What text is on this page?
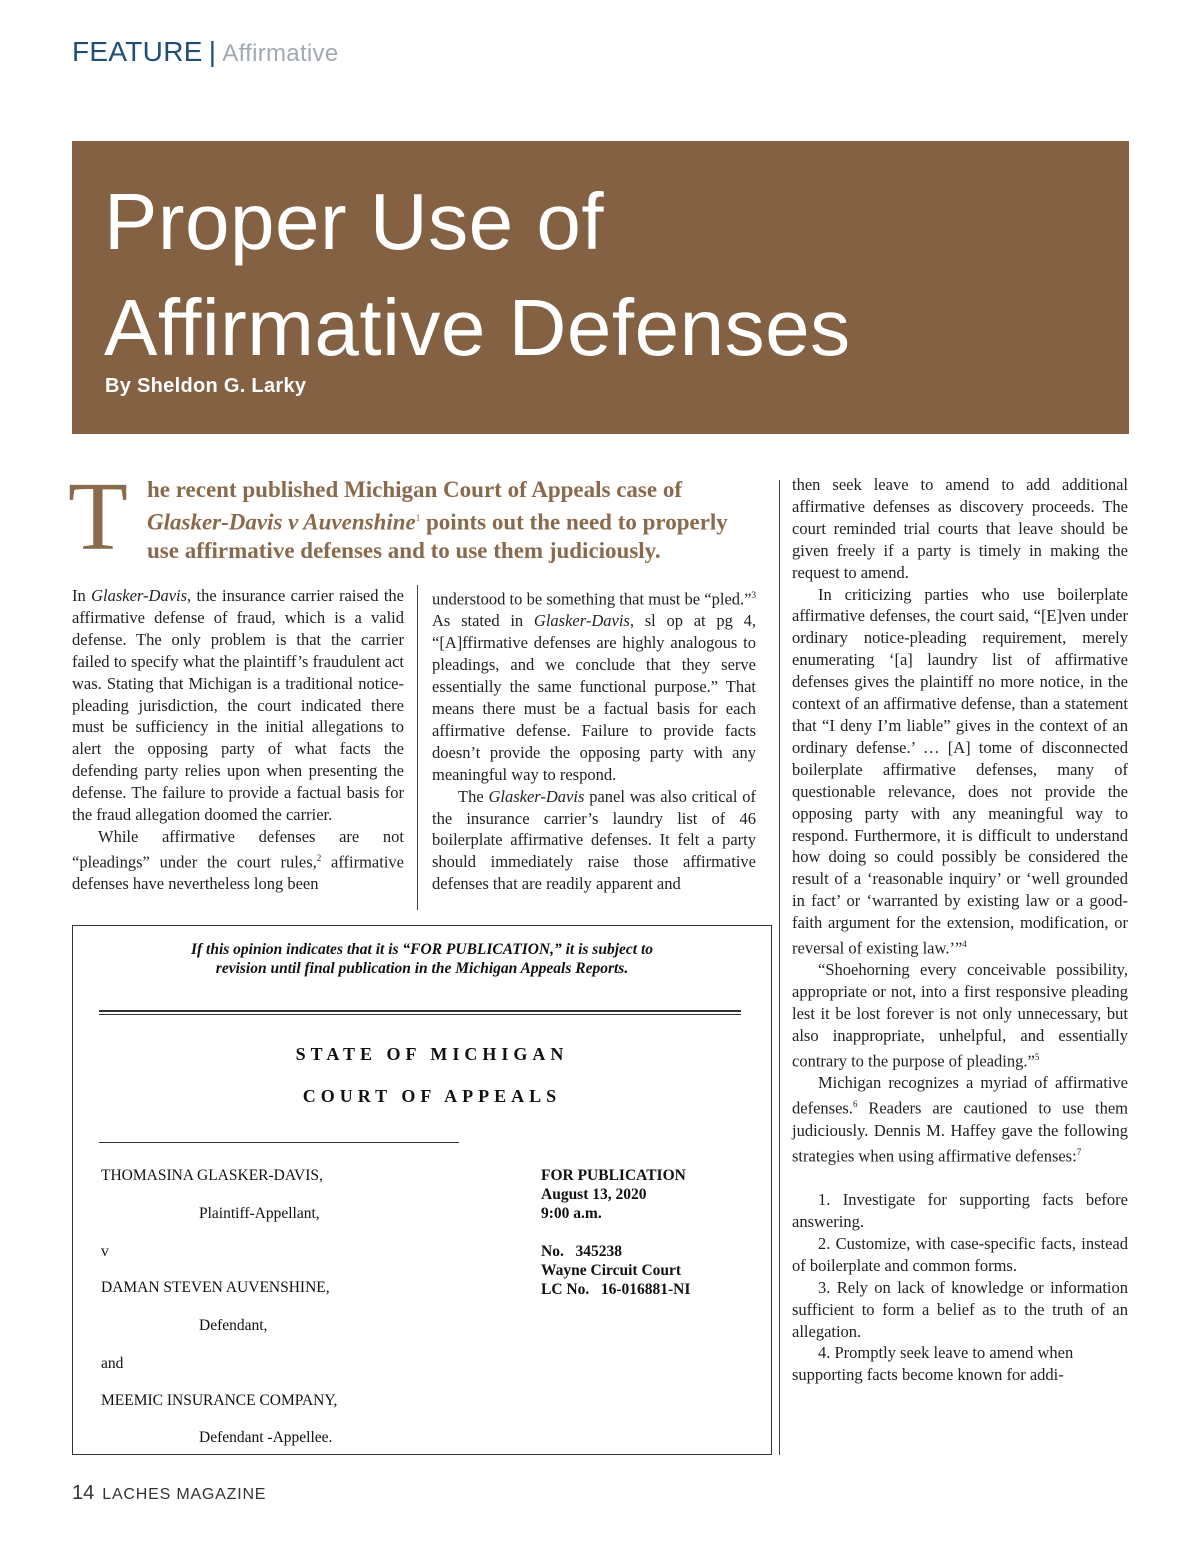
FEATURE | Affirmative
Proper Use of
Affirmative Defenses
By Sheldon G. Larky
T he recent published Michigan Court of Appeals case of Glasker-Davis v Auvenshine$^1$ points out the need to properly use affirmative defenses and to use them judiciously.

In Glasker-Davis, the insurance carrier raised the affirmative defense of fraud, which is a valid defense. The only problem is that the carrier failed to specify what the plaintiff’s fraudulent act was. Stating that Michigan is a traditional notice-pleading jurisdiction, the court indicated there must be sufficiency in the initial allegations to alert the opposing party of what facts the defending party relies upon when presenting the defense. The failure to provide a factual basis for the fraud allegation doomed the carrier.

While affirmative defenses are not “pleadings” under the court rules,$^2$ affirmative defenses have nevertheless long been

understood to be something that must be “pled.”$^3$ As stated in Glasker-Davis, sl op at pg 4, “[A]ffirmative defenses are highly analogous to pleadings, and we conclude that they serve essentially the same functional purpose.” That means there must be a factual basis for each affirmative defense. Failure to provide facts doesn’t provide the opposing party with any meaningful way to respond.

The Glasker-Davis panel was also critical of the insurance carrier’s laundry list of 46 boilerplate affirmative defenses. It felt a party should immediately raise those affirmative defenses that are readily apparent and

then seek leave to amend to add additional affirmative defenses as discovery proceeds. The court reminded trial courts that leave should be given freely if a party is timely in making the request to amend.

In criticizing parties who use boilerplate affirmative defenses, the court said, “[E]ven under ordinary notice-pleading requirement, merely enumerating ‘[a] laundry list of affirmative defenses gives the plaintiff no more notice, in the context of an affirmative defense, than a statement that “I deny I’m liable” gives in the context of an ordinary defense.’ … [A] tome of disconnected boilerplate affirmative defenses, many of questionable relevance, does not provide the opposing party with any meaningful way to respond. Furthermore, it is difficult to understand how doing so could possibly be considered the result of a ‘reasonable inquiry’ or ‘well grounded in fact’ or ‘warranted by existing law or a good-faith argument for the extension, modification, or reversal of existing law.’”$^4$

“Shoehorning every conceivable possibility, appropriate or not, into a first responsive pleading lest it be lost forever is not only unnecessary, but also inappropriate, unhelpful, and essentially contrary to the purpose of pleading.”$^5$

Michigan recognizes a myriad of affirmative defenses.$^6$ Readers are cautioned to use them judiciously. Dennis M. Haffey gave the following strategies when using affirmative defenses:$^7$

1. Investigate for supporting facts before answering.

2. Customize, with case-specific facts, instead of boilerplate and common forms.

3. Rely on lack of knowledge or information sufficient to form a belief as to the truth of an allegation.

4. Promptly seek leave to amend when supporting facts become known for addi-

If this opinion indicates that it is “FOR PUBLICATION,” it is subject to
revision until final publication in the Michigan Appeals Reports.
STATE OF MICHIGAN
COURT OF APPEALS
THOMASINA GLASKER-DAVIS,
Plaintiff-Appellant,
v
DAMAN STEVEN AUVENSHINE,
Defendant,
and
MEEMIC INSURANCE COMPANY,
Defendant -Appellee.
FOR PUBLICATION
August 13, 2020
9:00 a.m.
No.   345238
Wayne Circuit Court
LC No.   16-016881-NI
14 LACHES MAGAZINE
